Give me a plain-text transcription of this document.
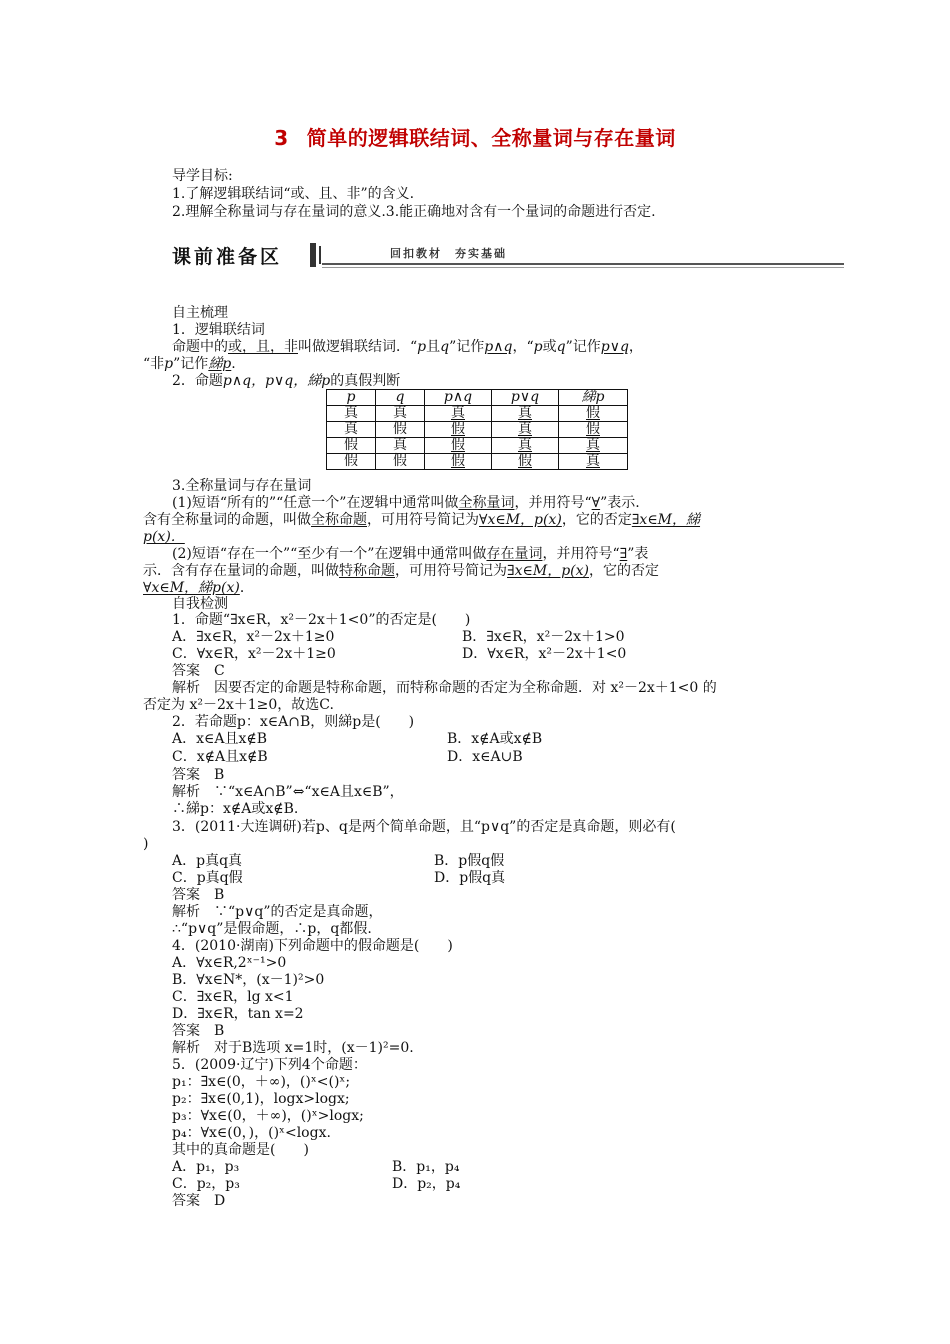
3 简单的逻辑联结词、全称量词与存在量词
导学目标:
1.了解逻辑联结词“或、且、非”的含义.
2.理解全称量词与存在量词的意义.3.能正确地对含有一个量词的命题进行否定.
课前准备区	回扣教材　夯实基础
自主梳理
1．逻辑联结词
命题中的或，且，非叫做逻辑联结词．“p且q”记作p∧q，“p或q”记作p∨q，
“非p”记作綈p.
2．命题p∧q，p∨q，綈p的真假判断
p	q	p∧q	p∨q	綈p
真	真	真	真	假
真	假	假	真	假
假	真	假	真	真
假	假	假	假	真
3.全称量词与存在量词
(1)短语“所有的”“任意一个”在逻辑中通常叫做全称量词，并用符号“∀”表示.
含有全称量词的命题，叫做全称命题，可用符号简记为∀x∈M，p(x)，它的否定∃x∈M，綈
p(x)．
(2)短语“存在一个”“至少有一个”在逻辑中通常叫做存在量词，并用符号“∃”表
示．含有存在量词的命题，叫做特称命题，可用符号简记为∃x∈M，p(x)，它的否定
∀x∈M，綈p(x)．
自我检测
1．命题“∃x∈R，x²－2x＋1<0”的否定是(　　)
A．∃x∈R，x²－2x＋1≥0	B．∃x∈R，x²－2x＋1>0
C．∀x∈R，x²－2x＋1≥0	D．∀x∈R，x²－2x＋1<0
答案　C
解析　因要否定的命题是特称命题，而特称命题的否定为全称命题．对 x²－2x＋1<0 的
否定为 x²－2x＋1≥0，故选C.
2．若命题p：x∈A∩B，则綈p是(　　)
A．x∈A且x∉B	B．x∉A或x∉B
C．x∉A且x∉B	D．x∈A∪B
答案　B
解析　∵“x∈A∩B”⇔“x∈A且x∈B”，
∴綈p：x∉A或x∉B.
3．(2011·大连调研)若p、q是两个简单命题，且“p∨q”的否定是真命题，则必有(
)
A．p真q真	B．p假q假
C．p真q假	D．p假q真
答案　B
解析　∵“p∨q”的否定是真命题，
∴“p∨q”是假命题，∴p，q都假.
4．(2010·湖南)下列命题中的假命题是(　　)
A．∀x∈R,2ˣ⁻¹>0
B．∀x∈N*，(x－1)²>0
C．∃x∈R，lg x<1
D．∃x∈R，tan x=2
答案　B
解析　对于B选项 x=1时，(x－1)²=0.
5．(2009·辽宁)下列4个命题：
p₁：∃x∈(0，＋∞)，()ˣ<()ˣ;
p₂：∃x∈(0,1)，logx>logx;
p₃：∀x∈(0，＋∞)，()ˣ>logx;
p₄：∀x∈(0，)，()ˣ<logx.
其中的真命题是(　　)
A．p₁，p₃	B．p₁，p₄
C．p₂，p₃	D．p₂，p₄
答案　D
